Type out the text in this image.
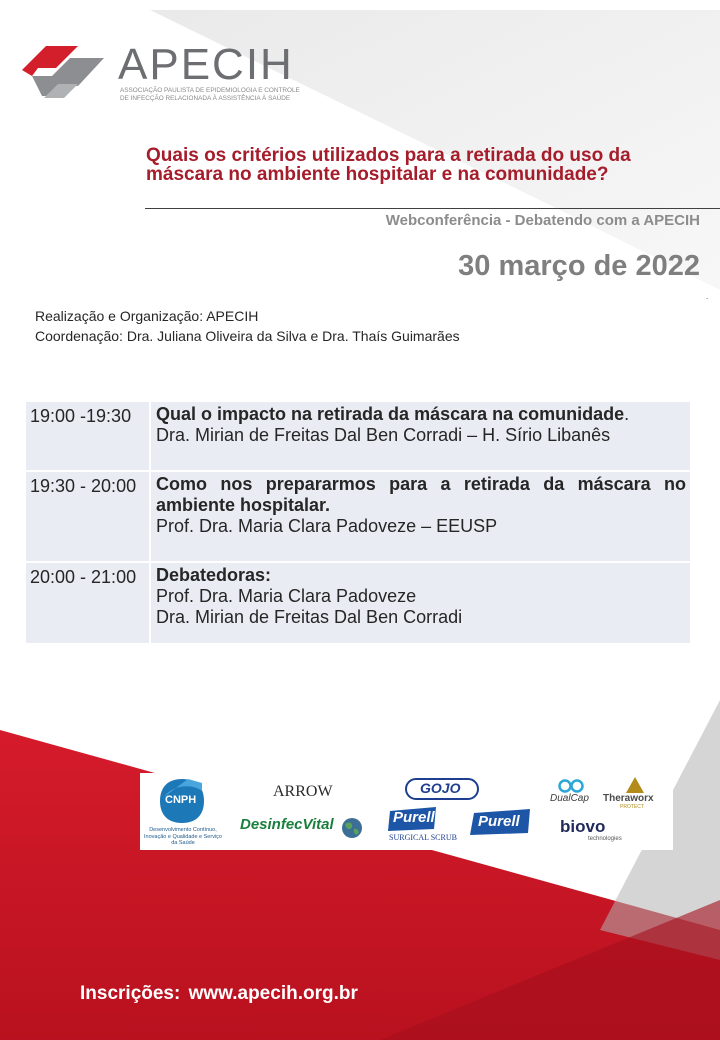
APECIH
ASSOCIAÇÃO PAULISTA DE EPIDEMIOLOGIA E CONTROLE
DE INFECÇÃO RELACIONADA À ASSISTÊNCIA À SAÚDE

Quais os critérios utilizados para a retirada do uso da máscara no ambiente hospitalar e na comunidade?

Webconferência - Debatendo com a APECIH
30 março de 2022
.
Realização e Organização: APECIH
Coordenação: Dra. Juliana Oliveira da Silva e Dra. Thaís Guimarães
19:00 -19:30	Qual o impacto na retirada da máscara na comunidade.
Dra. Mirian de Freitas Dal Ben Corradi – H. Sírio Libanês

19:30 - 20:00	Como nos prepararmos para a retirada da máscara no ambiente hospitalar.
Prof. Dra. Maria Clara Padoveze – EEUSP

20:00 - 21:00	Debatedoras:
Prof. Dra. Maria Clara Padoveze
Dra. Mirian de Freitas Dal Ben Corradi
CNPH
Desenvolvimento Contínuo, Inovação e Qualidade e Serviço da Saúde
ARROW
DesinfecVital
GOJO
Purell
SURGICAL SCRUB
Purell
DualCap Theraworx
PROTECT
biovo
technologies
Inscrições: www.apecih.org.br
